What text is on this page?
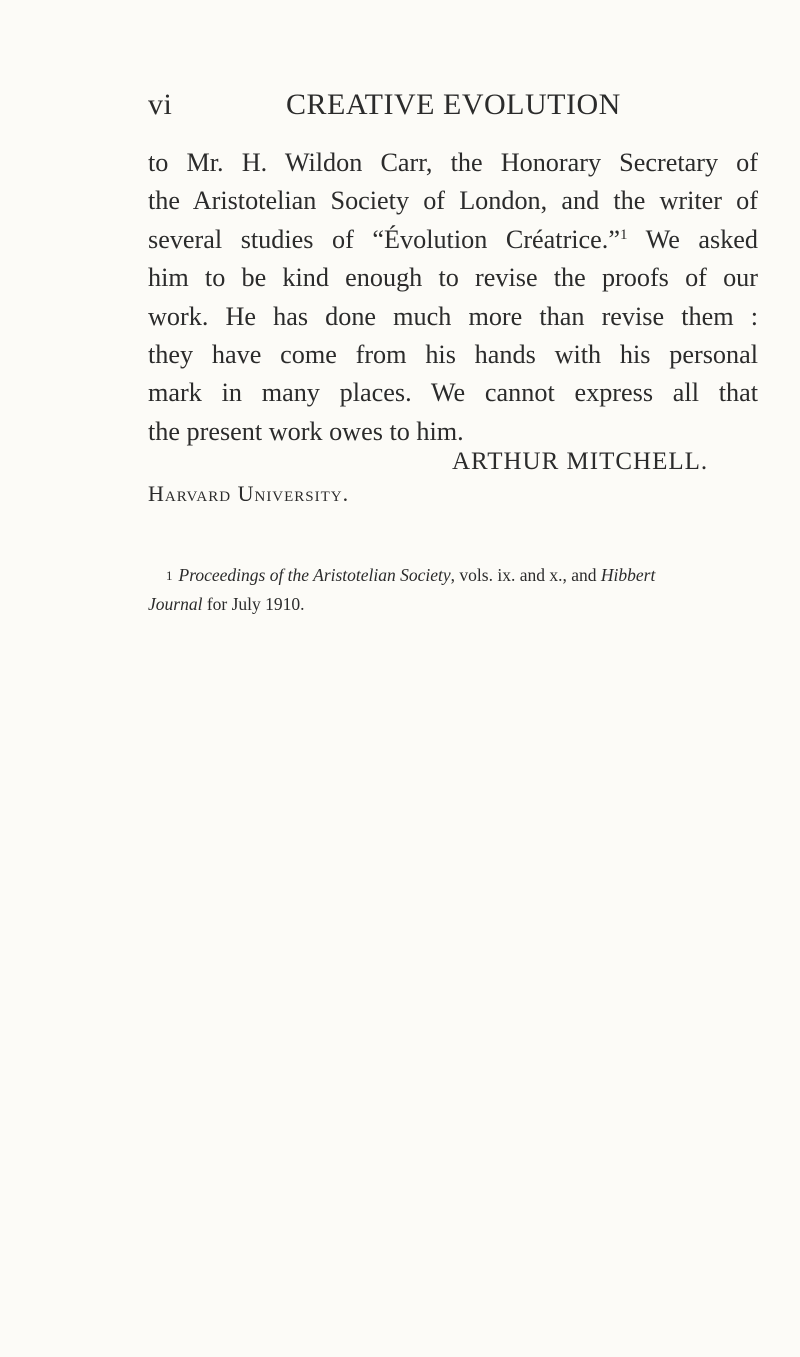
vi	CREATIVE EVOLUTION
to Mr. H. Wildon Carr, the Honorary Secretary of
the Aristotelian Society of London, and the writer of
several studies of “Évolution Créatrice.”$^1$ We asked
him to be kind enough to revise the proofs of our
work. He has done much more than revise them :
they have come from his hands with his personal
mark in many places. We cannot express all that
the present work owes to him.
ARTHUR MITCHELL.
Harvard University.
1 Proceedings of the Aristotelian Society, vols. ix. and x., and Hibbert
Journal for July 1910.
